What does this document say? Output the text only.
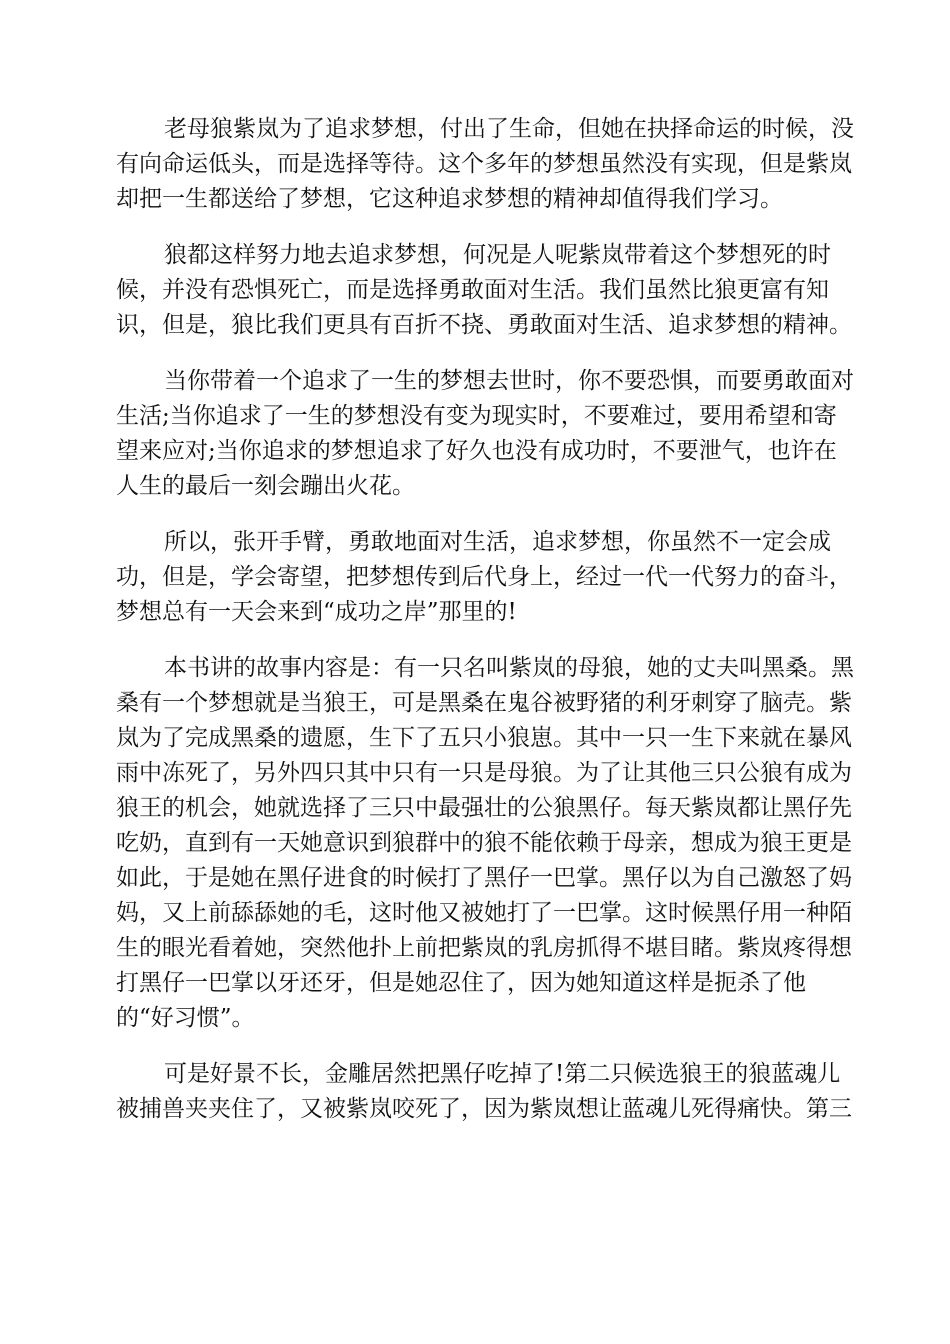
老母狼紫岚为了追求梦想，付出了生命，但她在抉择命运的时候，没
有向命运低头，而是选择等待。这个多年的梦想虽然没有实现，但是紫岚
却把一生都送给了梦想，它这种追求梦想的精神却值得我们学习。
狼都这样努力地去追求梦想，何况是人呢紫岚带着这个梦想死的时
候，并没有恐惧死亡，而是选择勇敢面对生活。我们虽然比狼更富有知
识，但是，狼比我们更具有百折不挠、勇敢面对生活、追求梦想的精神。
当你带着一个追求了一生的梦想去世时，你不要恐惧，而要勇敢面对
生活;当你追求了一生的梦想没有变为现实时，不要难过，要用希望和寄
望来应对;当你追求的梦想追求了好久也没有成功时，不要泄气，也许在
人生的最后一刻会蹦出火花。
所以，张开手臂，勇敢地面对生活，追求梦想，你虽然不一定会成
功，但是，学会寄望，把梦想传到后代身上，经过一代一代努力的奋斗，
梦想总有一天会来到“成功之岸”那里的!
本书讲的故事内容是：有一只名叫紫岚的母狼，她的丈夫叫黑桑。黑
桑有一个梦想就是当狼王，可是黑桑在鬼谷被野猪的利牙刺穿了脑壳。紫
岚为了完成黑桑的遗愿，生下了五只小狼崽。其中一只一生下来就在暴风
雨中冻死了，另外四只其中只有一只是母狼。为了让其他三只公狼有成为
狼王的机会，她就选择了三只中最强壮的公狼黑仔。每天紫岚都让黑仔先
吃奶，直到有一天她意识到狼群中的狼不能依赖于母亲，想成为狼王更是
如此，于是她在黑仔进食的时候打了黑仔一巴掌。黑仔以为自己激怒了妈
妈，又上前舔舔她的毛，这时他又被她打了一巴掌。这时候黑仔用一种陌
生的眼光看着她，突然他扑上前把紫岚的乳房抓得不堪目睹。紫岚疼得想
打黑仔一巴掌以牙还牙，但是她忍住了，因为她知道这样是扼杀了他
的“好习惯”。
可是好景不长，金雕居然把黑仔吃掉了!第二只候选狼王的狼蓝魂儿
被捕兽夹夹住了，又被紫岚咬死了，因为紫岚想让蓝魂儿死得痛快。第三
